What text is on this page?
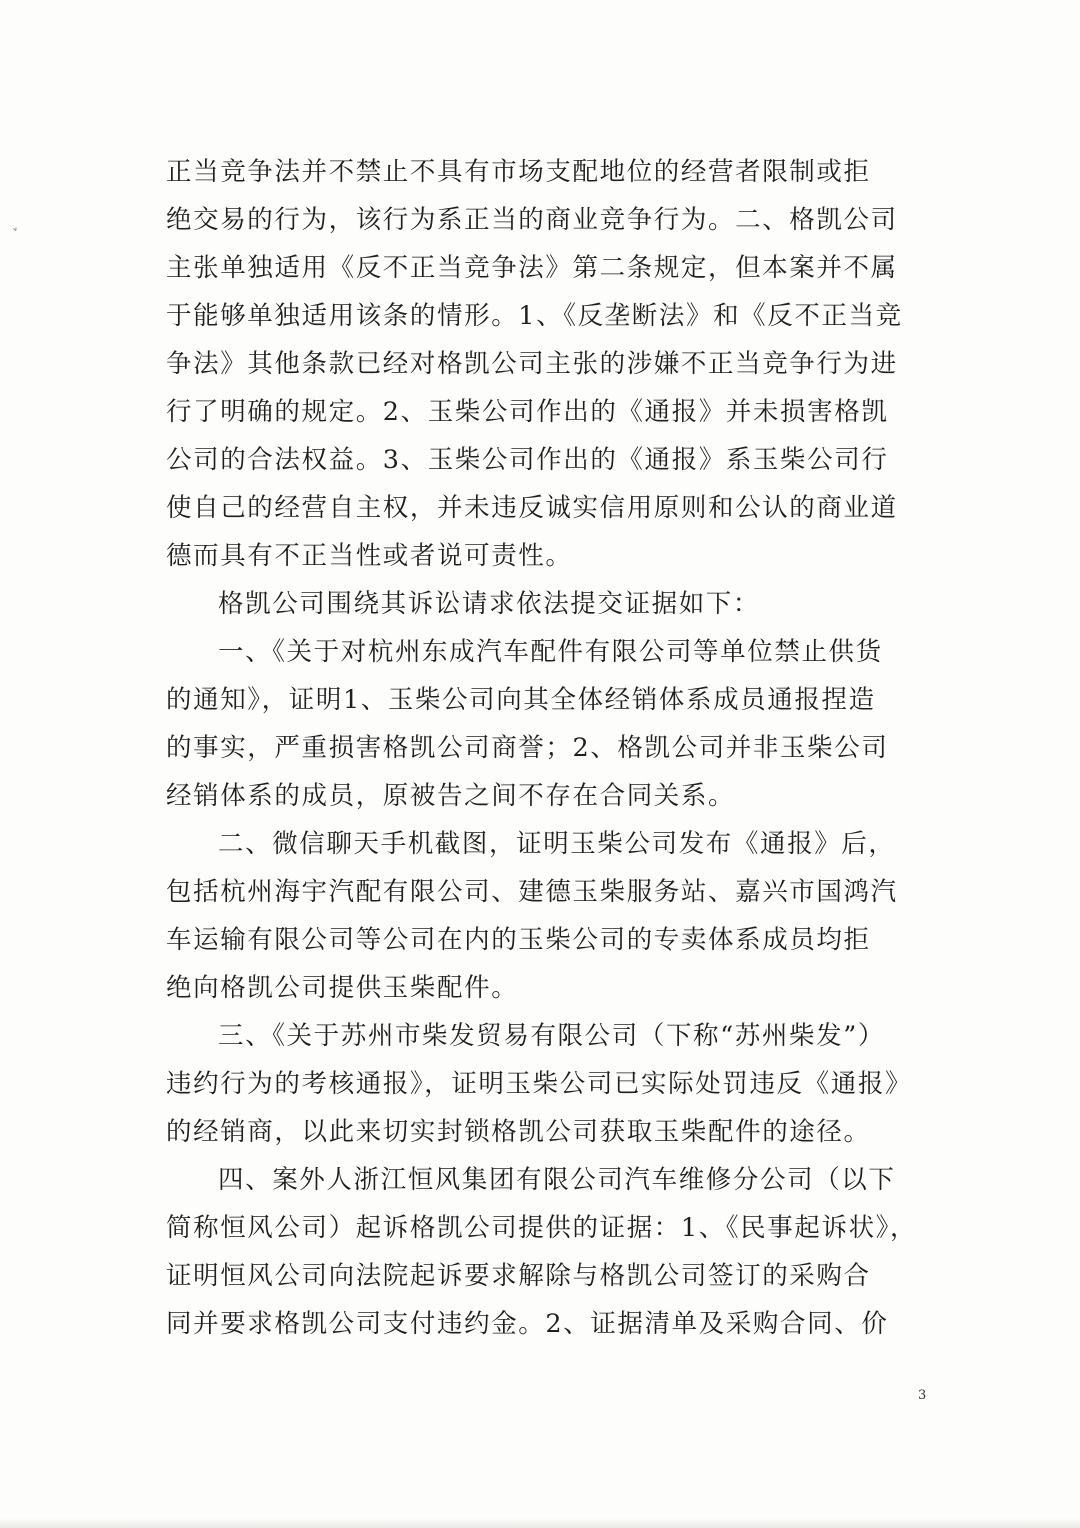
˅
正当竞争法并不禁止不具有市场支配地位的经营者限制或拒
绝交易的行为，该行为系正当的商业竞争行为。二、格凯公司
主张单独适用《反不正当竞争法》第二条规定，但本案并不属
于能够单独适用该条的情形。1、《反垄断法》和《反不正当竞
争法》其他条款已经对格凯公司主张的涉嫌不正当竞争行为进
行了明确的规定。2、玉柴公司作出的《通报》并未损害格凯
公司的合法权益。3、玉柴公司作出的《通报》系玉柴公司行
使自己的经营自主权，并未违反诚实信用原则和公认的商业道
德而具有不正当性或者说可责性。
格凯公司围绕其诉讼请求依法提交证据如下：
一、《关于对杭州东成汽车配件有限公司等单位禁止供货
的通知》，证明1、玉柴公司向其全体经销体系成员通报捏造
的事实，严重损害格凯公司商誉；2、格凯公司并非玉柴公司
经销体系的成员，原被告之间不存在合同关系。
二、微信聊天手机截图，证明玉柴公司发布《通报》后，
包括杭州海宇汽配有限公司、建德玉柴服务站、嘉兴市国鸿汽
车运输有限公司等公司在内的玉柴公司的专卖体系成员均拒
绝向格凯公司提供玉柴配件。
三、《关于苏州市柴发贸易有限公司（下称“苏州柴发”）
违约行为的考核通报》，证明玉柴公司已实际处罚违反《通报》
的经销商，以此来切实封锁格凯公司获取玉柴配件的途径。
四、案外人浙江恒风集团有限公司汽车维修分公司（以下
简称恒风公司）起诉格凯公司提供的证据：1、《民事起诉状》，
证明恒风公司向法院起诉要求解除与格凯公司签订的采购合
同并要求格凯公司支付违约金。2、证据清单及采购合同、价
3
